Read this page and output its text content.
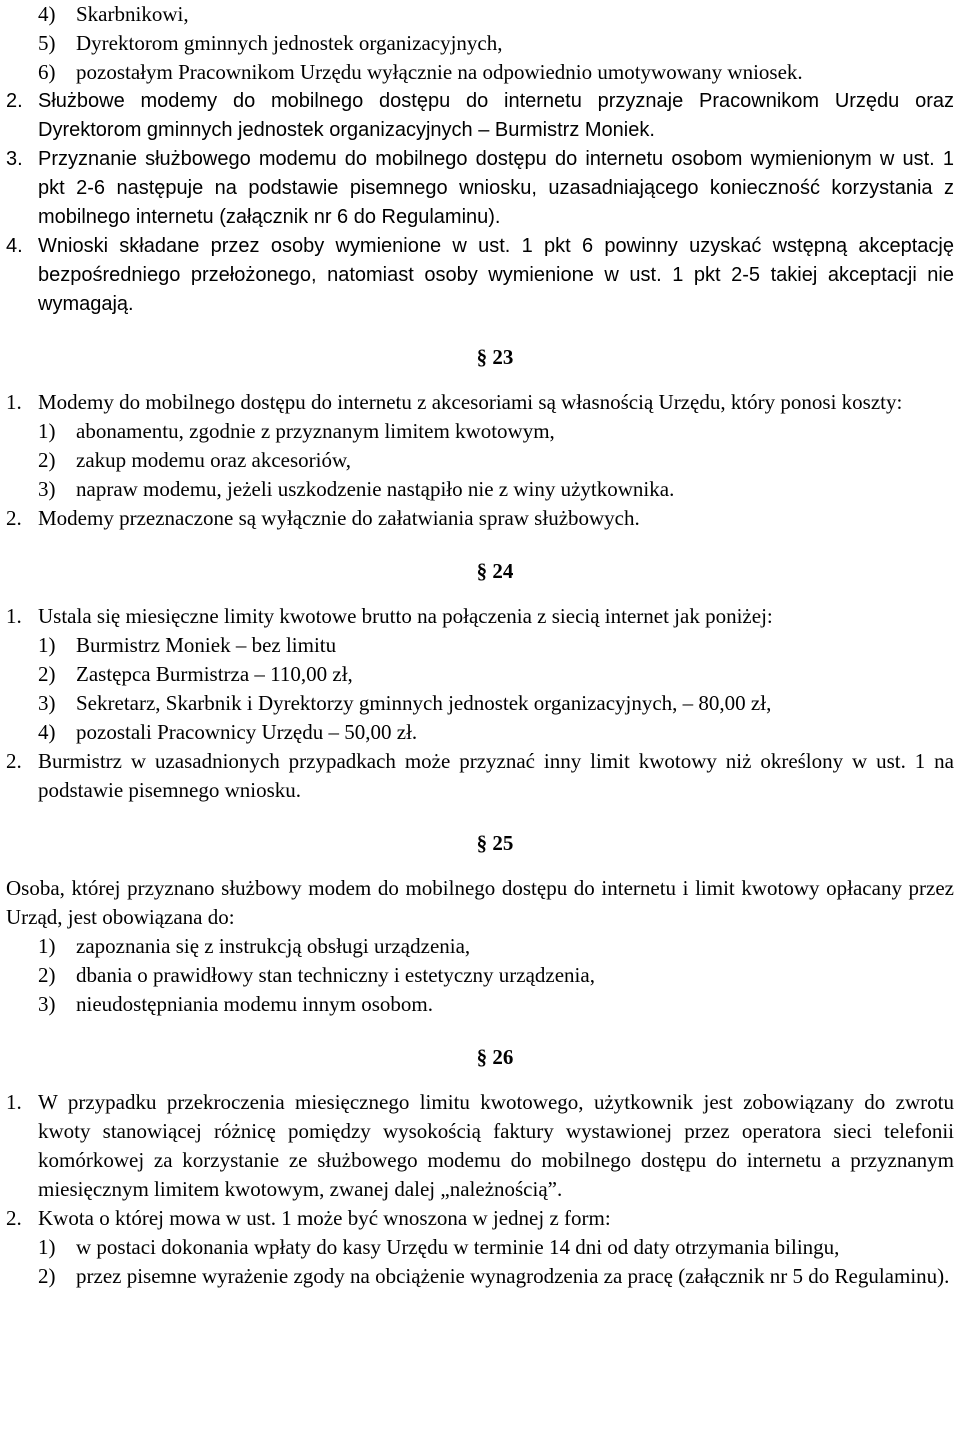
4) Skarbnikowi,
5) Dyrektorom gminnych jednostek organizacyjnych,
6) pozostałym Pracownikom Urzędu wyłącznie na odpowiednio umotywowany wniosek.
2. Służbowe modemy do mobilnego dostępu do internetu przyznaje Pracownikom Urzędu oraz Dyrektorom gminnych jednostek organizacyjnych – Burmistrz Moniek.
3. Przyznanie służbowego modemu do mobilnego dostępu do internetu osobom wymienionym w ust. 1 pkt 2-6 następuje na podstawie pisemnego wniosku, uzasadniającego konieczność korzystania z mobilnego internetu (załącznik nr 6 do Regulaminu).
4. Wnioski składane przez osoby wymienione w ust. 1 pkt 6 powinny uzyskać wstępną akceptację bezpośredniego przełożonego, natomiast osoby wymienione w ust. 1 pkt 2-5 takiej akceptacji nie wymagają.
§ 23
1. Modemy do mobilnego dostępu do internetu z akcesoriami są własnością Urzędu, który ponosi koszty:
1) abonamentu, zgodnie z przyznanym limitem kwotowym,
2) zakup modemu oraz akcesoriów,
3) napraw modemu, jeżeli uszkodzenie nastąpiło nie z winy użytkownika.
2. Modemy przeznaczone są wyłącznie do załatwiania spraw służbowych.
§ 24
1. Ustala się miesięczne limity kwotowe brutto na połączenia z siecią internet jak poniżej:
1) Burmistrz Moniek – bez limitu
2) Zastępca Burmistrza – 110,00 zł,
3) Sekretarz, Skarbnik i Dyrektorzy gminnych jednostek organizacyjnych, – 80,00 zł,
4) pozostali Pracownicy Urzędu – 50,00 zł.
2. Burmistrz w uzasadnionych przypadkach może przyznać inny limit kwotowy niż określony w ust. 1 na podstawie pisemnego wniosku.
§ 25
Osoba, której przyznano służbowy modem do mobilnego dostępu do internetu i limit kwotowy opłacany przez Urząd, jest obowiązana do:
1) zapoznania się z instrukcją obsługi urządzenia,
2) dbania o prawidłowy stan techniczny i estetyczny urządzenia,
3) nieudostępniania modemu innym osobom.
§ 26
1. W przypadku przekroczenia miesięcznego limitu kwotowego, użytkownik jest zobowiązany do zwrotu kwoty stanowiącej różnicę pomiędzy wysokością faktury wystawionej przez operatora sieci telefonii komórkowej za korzystanie ze służbowego modemu do mobilnego dostępu do internetu a przyznanym miesięcznym limitem kwotowym, zwanej dalej „należnością”.
2. Kwota o której mowa w ust. 1 może być wnoszona w jednej z form:
1) w postaci dokonania wpłaty do kasy Urzędu w terminie 14 dni od daty otrzymania bilingu,
2) przez pisemne wyrażenie zgody na obciążenie wynagrodzenia za pracę (załącznik nr 5 do Regulaminu).
